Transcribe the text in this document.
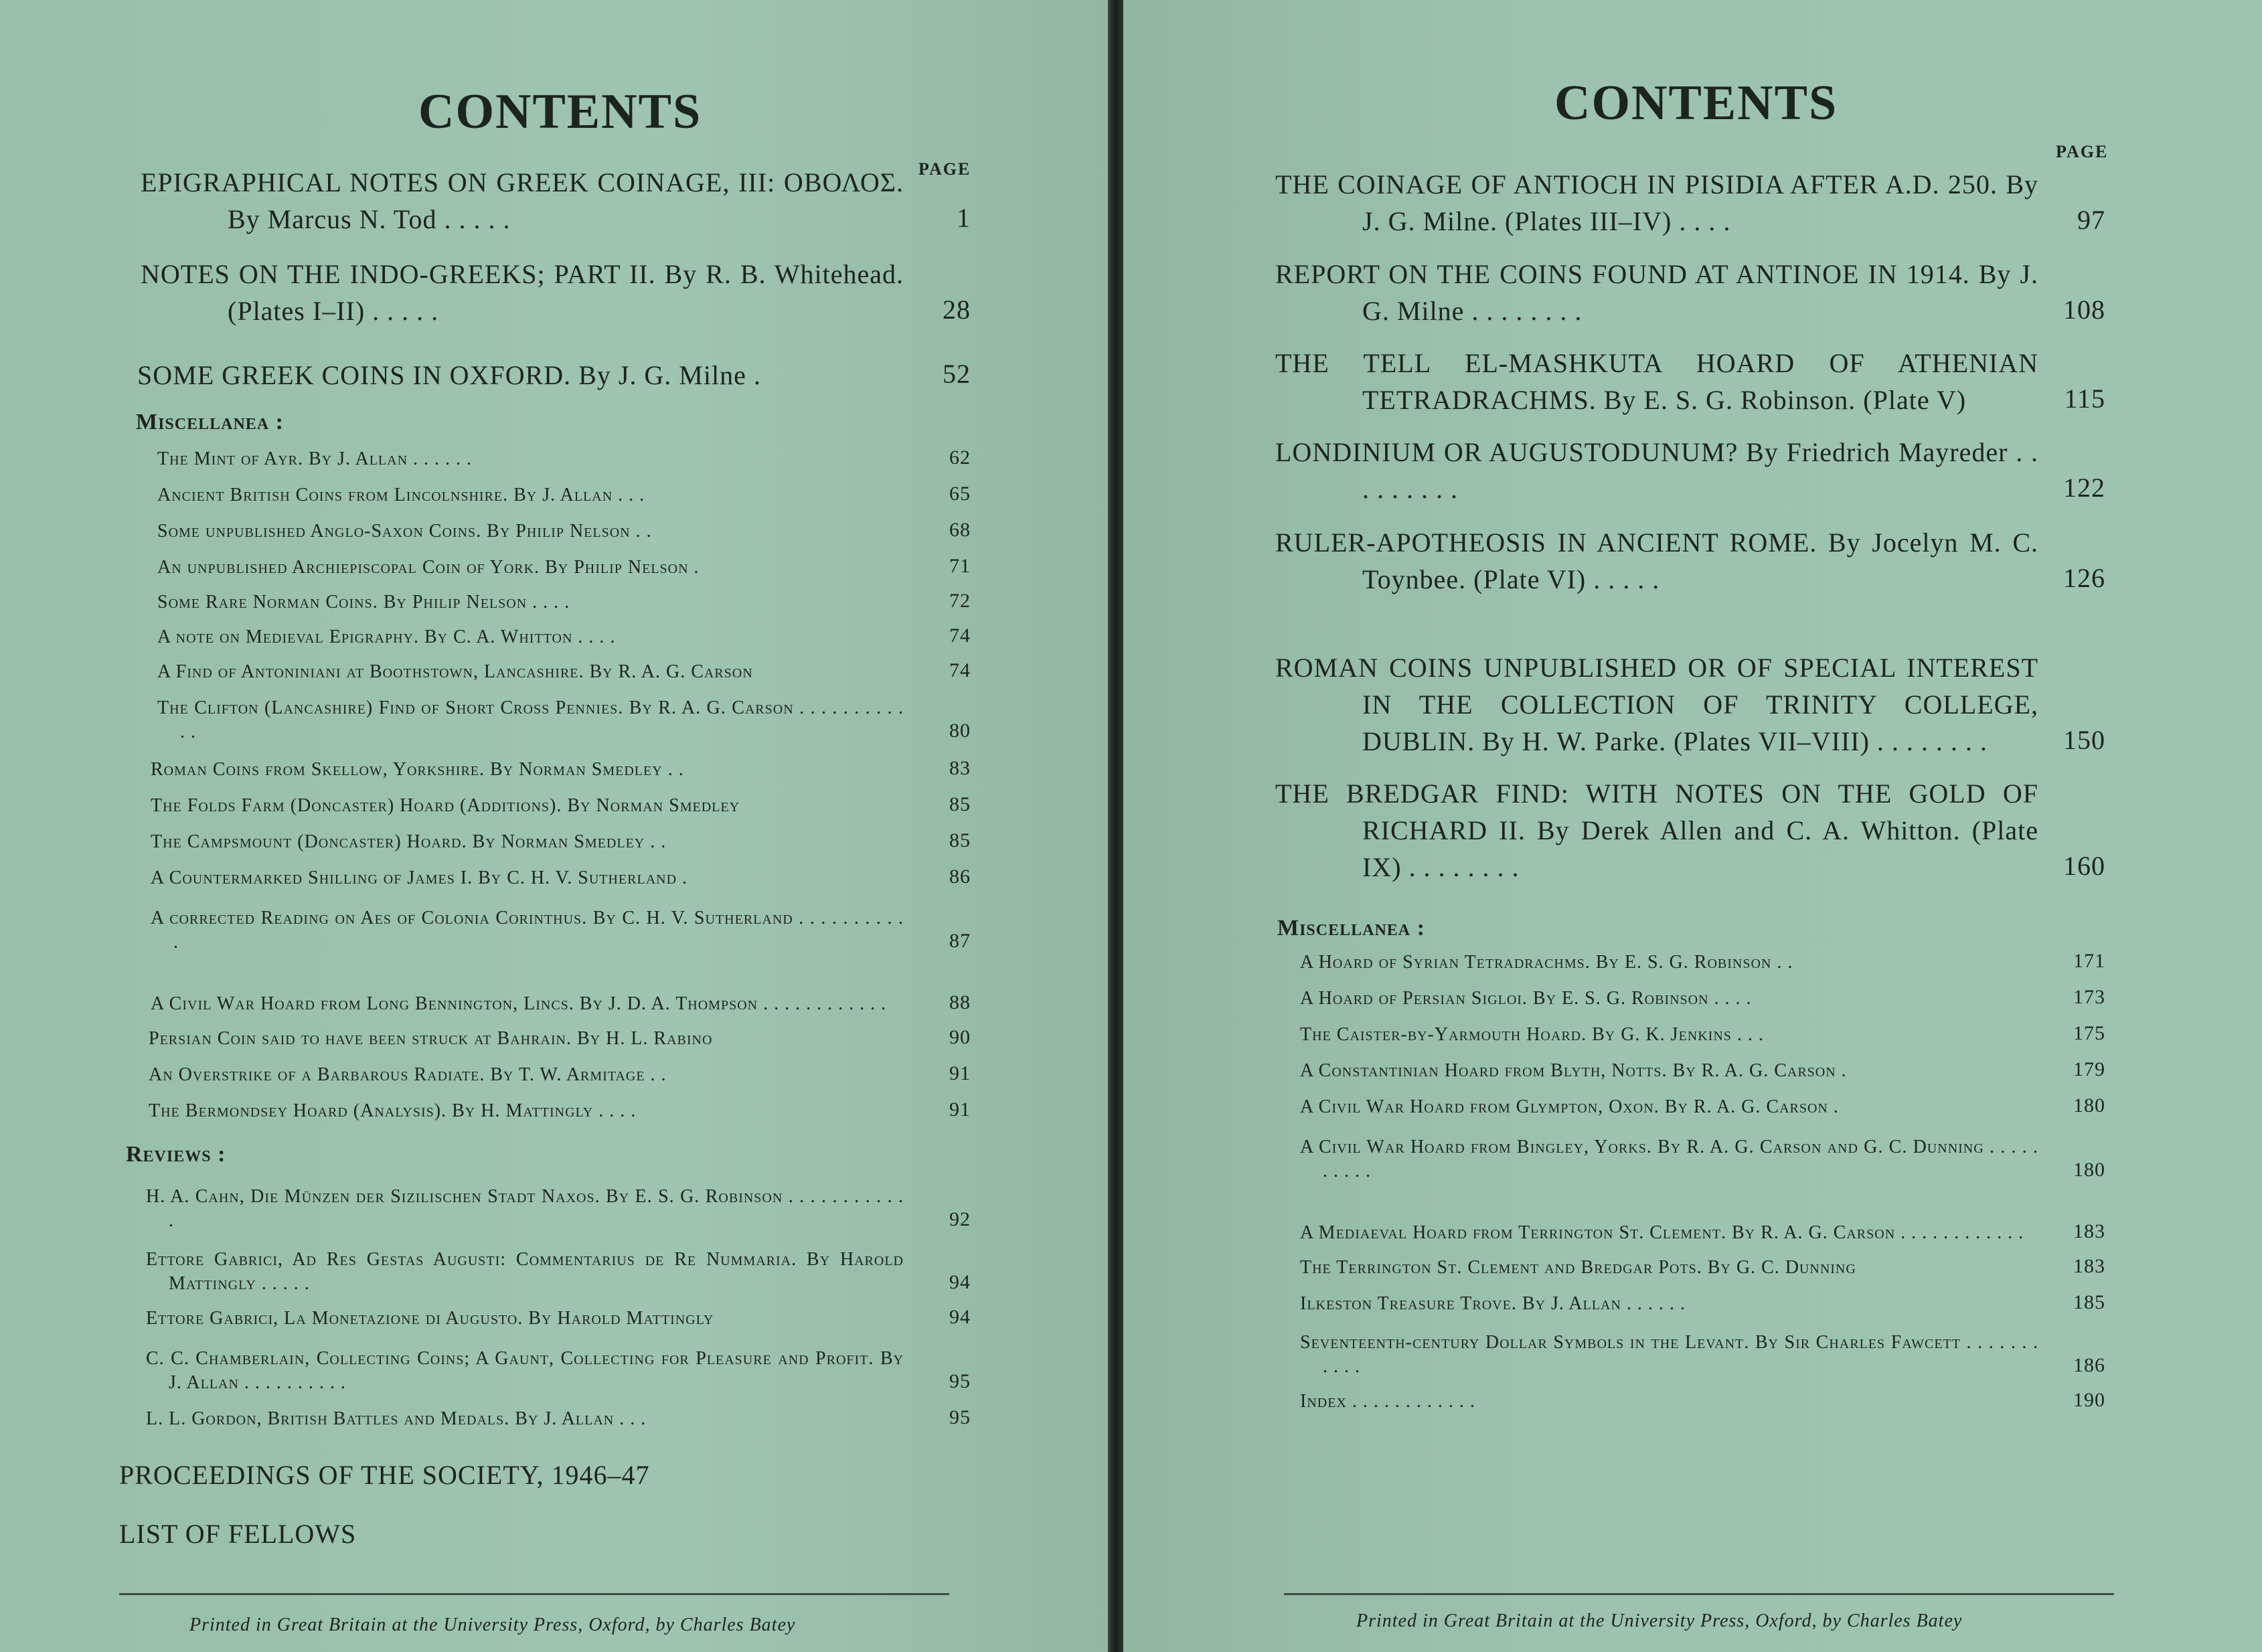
CONTENTS
PAGE
EPIGRAPHICAL NOTES ON GREEK COINAGE, III: ΟΒΟΛΟΣ. By Marcus N. Tod . . . . .	1
NOTES ON THE INDO-GREEKS; PART II. By R. B. Whitehead. (Plates I–II) . . . . .	28
SOME GREEK COINS IN OXFORD. By J. G. Milne .	52
Miscellanea :
The Mint of Ayr. By J. Allan . . . . . .	62
Ancient British Coins from Lincolnshire. By J. Allan . . .	65
Some unpublished Anglo-Saxon Coins. By Philip Nelson . .	68
An unpublished Archiepiscopal Coin of York. By Philip Nelson .	71
Some Rare Norman Coins. By Philip Nelson . . . .	72
A note on Medieval Epigraphy. By C. A. Whitton . . . .	74
A Find of Antoniniani at Boothstown, Lancashire. By R. A. G. Carson	74
The Clifton (Lancashire) Find of Short Cross Pennies. By R. A. G. Carson . . . . . . . . . . . .	80
Roman Coins from Skellow, Yorkshire. By Norman Smedley . .	83
The Folds Farm (Doncaster) Hoard (Additions). By Norman Smedley	85
The Campsmount (Doncaster) Hoard. By Norman Smedley . .	85
A Countermarked Shilling of James I. By C. H. V. Sutherland .	86
A corrected Reading on Aes of Colonia Corinthus. By C. H. V. Sutherland . . . . . . . . . . .	87
A Civil War Hoard from Long Bennington, Lincs. By J. D. A. Thompson . . . . . . . . . . . .	88
Persian Coin said to have been struck at Bahrain. By H. L. Rabino	90
An Overstrike of a Barbarous Radiate. By T. W. Armitage . .	91
The Bermondsey Hoard (Analysis). By H. Mattingly . . . .	91
Reviews :
H. A. Cahn, Die Münzen der Sizilischen Stadt Naxos. By E. S. G. Robinson . . . . . . . . . . . .	92
Ettore Gabrici, Ad Res Gestas Augusti: Commentarius de Re Nummaria. By Harold Mattingly . . . . .	94
Ettore Gabrici, La Monetazione di Augusto. By Harold Mattingly	94
C. C. Chamberlain, Collecting Coins; A Gaunt, Collecting for Pleasure and Profit. By J. Allan . . . . . . . . . .	95
L. L. Gordon, British Battles and Medals. By J. Allan . . .	95
PROCEEDINGS OF THE SOCIETY, 1946–47
LIST OF FELLOWS
Printed in Great Britain at the University Press, Oxford, by Charles Batey
CONTENTS
PAGE
THE COINAGE OF ANTIOCH IN PISIDIA AFTER A.D. 250. By J. G. Milne. (Plates III–IV) . . . .	97
REPORT ON THE COINS FOUND AT ANTINOE IN 1914. By J. G. Milne . . . . . . . .	108
THE TELL EL-MASHKUTA HOARD OF ATHENIAN TETRADRACHMS. By E. S. G. Robinson. (Plate V)	115
LONDINIUM OR AUGUSTODUNUM? By Friedrich Mayreder . . . . . . . . .	122
RULER-APOTHEOSIS IN ANCIENT ROME. By Jocelyn M. C. Toynbee. (Plate VI) . . . . .	126
ROMAN COINS UNPUBLISHED OR OF SPECIAL INTEREST IN THE COLLECTION OF TRINITY COLLEGE, DUBLIN. By H. W. Parke. (Plates VII–VIII) . . . . . . . .	150
THE BREDGAR FIND: WITH NOTES ON THE GOLD OF RICHARD II. By Derek Allen and C. A. Whitton. (Plate IX) . . . . . . . .	160
Miscellanea :
A Hoard of Syrian Tetradrachms. By E. S. G. Robinson . .	171
A Hoard of Persian Sigloi. By E. S. G. Robinson . . . .	173
The Caister-by-Yarmouth Hoard. By G. K. Jenkins . . .	175
A Constantinian Hoard from Blyth, Notts. By R. A. G. Carson .	179
A Civil War Hoard from Glympton, Oxon. By R. A. G. Carson .	180
A Civil War Hoard from Bingley, Yorks. By R. A. G. Carson and G. C. Dunning . . . . . . . . . .	180
A Mediaeval Hoard from Terrington St. Clement. By R. A. G. Carson . . . . . . . . . . . .	183
The Terrington St. Clement and Bredgar Pots. By G. C. Dunning	183
Ilkeston Treasure Trove. By J. Allan . . . . . .	185
Seventeenth-century Dollar Symbols in the Levant. By Sir Charles Fawcett . . . . . . . . . . .	186
Index . . . . . . . . . . . .	190
Printed in Great Britain at the University Press, Oxford, by Charles Batey
